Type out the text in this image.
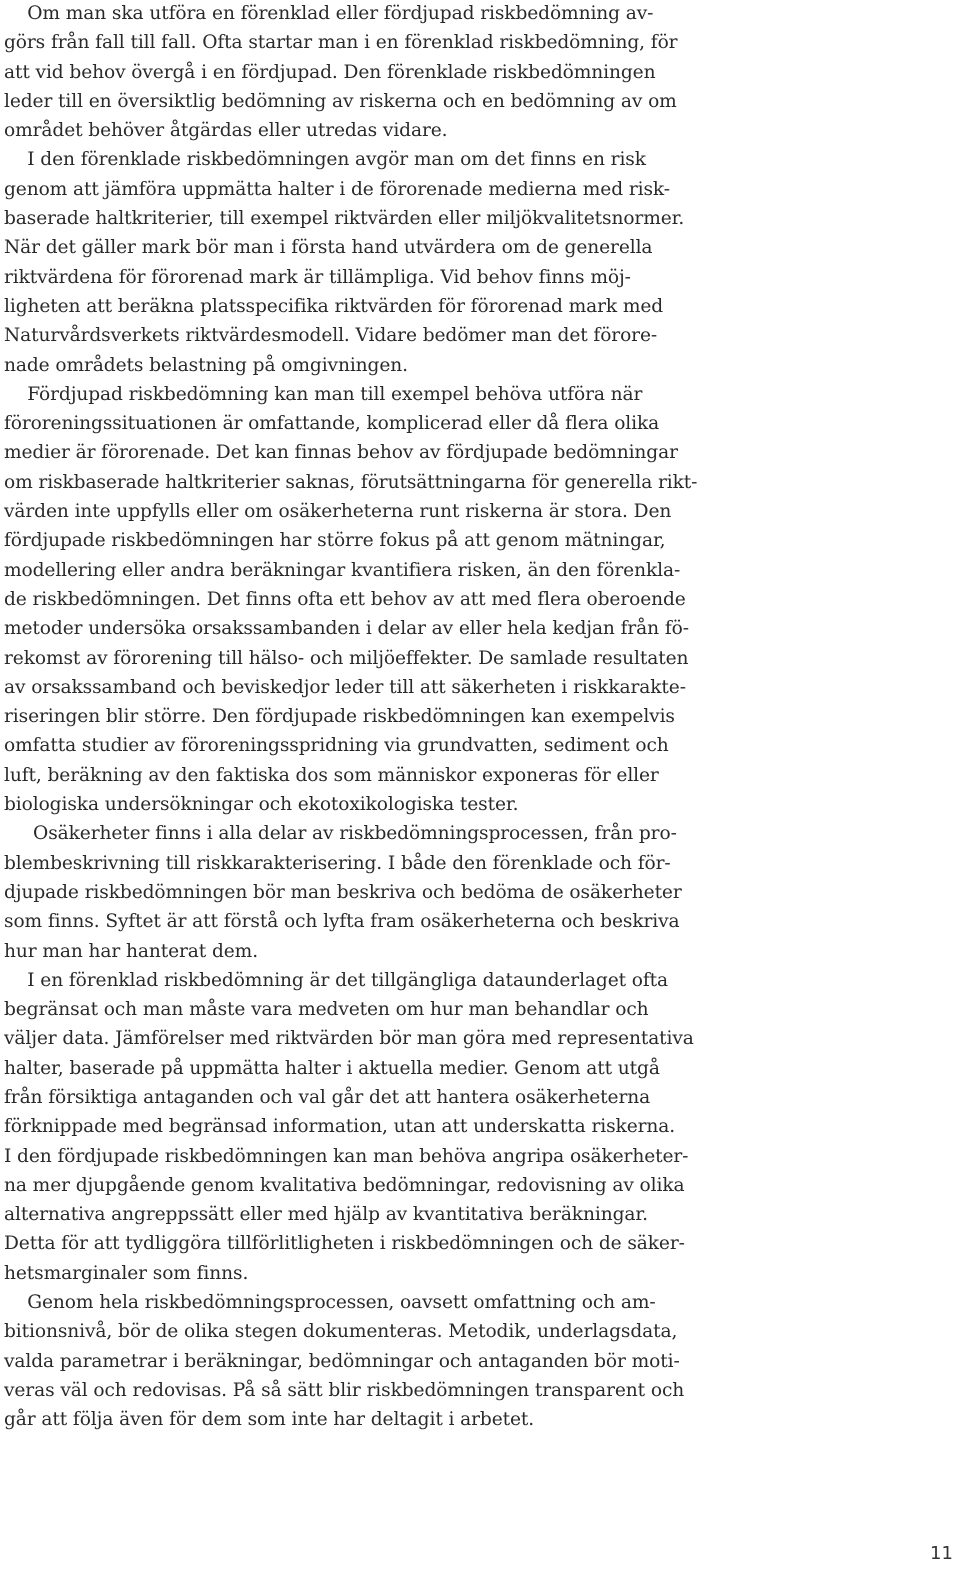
Om man ska utföra en förenklad eller fördjupad riskbedömning av-
görs från fall till fall. Ofta startar man i en förenklad riskbedömning, för
att vid behov övergå i en fördjupad. Den förenklade riskbedömningen
leder till en översiktlig bedömning av riskerna och en bedömning av om
området behöver åtgärdas eller utredas vidare.
I den förenklade riskbedömningen avgör man om det finns en risk
genom att jämföra uppmätta halter i de förorenade medierna med risk-
baserade haltkriterier, till exempel riktvärden eller miljökvalitetsnormer.
När det gäller mark bör man i första hand utvärdera om de generella
riktvärdena för förorenad mark är tillämpliga. Vid behov finns möj-
ligheten att beräkna platsspecifika riktvärden för förorenad mark med
Naturvårdsverkets riktvärdesmodell. Vidare bedömer man det förore-
nade områdets belastning på omgivningen.
Fördjupad riskbedömning kan man till exempel behöva utföra när
föroreningssituationen är omfattande, komplicerad eller då flera olika
medier är förorenade. Det kan finnas behov av fördjupade bedömningar
om riskbaserade haltkriterier saknas, förutsättningarna för generella rikt-
värden inte uppfylls eller om osäkerheterna runt riskerna är stora. Den
fördjupade riskbedömningen har större fokus på att genom mätningar,
modellering eller andra beräkningar kvantifiera risken, än den förenkla-
de riskbedömningen. Det finns ofta ett behov av att med flera oberoende
metoder undersöka orsakssambanden i delar av eller hela kedjan från fö-
rekomst av förorening till hälso- och miljöeffekter. De samlade resultaten
av orsakssamband och beviskedjor leder till att säkerheten i riskkarakte-
riseringen blir större. Den fördjupade riskbedömningen kan exempelvis
omfatta studier av föroreningsspridning via grundvatten, sediment och
luft, beräkning av den faktiska dos som människor exponeras för eller
biologiska undersökningar och ekotoxikologiska tester.
Osäkerheter finns i alla delar av riskbedömningsprocessen, från pro-
blembeskrivning till riskkarakterisering. I både den förenklade och för-
djupade riskbedömningen bör man beskriva och bedöma de osäkerheter
som finns. Syftet är att förstå och lyfta fram osäkerheterna och beskriva
hur man har hanterat dem.
I en förenklad riskbedömning är det tillgängliga dataunderlaget ofta
begränsat och man måste vara medveten om hur man behandlar och
väljer data. Jämförelser med riktvärden bör man göra med representativa
halter, baserade på uppmätta halter i aktuella medier. Genom att utgå
från försiktiga antaganden och val går det att hantera osäkerheterna
förknippade med begränsad information, utan att underskatta riskerna.
I den fördjupade riskbedömningen kan man behöva angripa osäkerheter-
na mer djupgående genom kvalitativa bedömningar, redovisning av olika
alternativa angreppssätt eller med hjälp av kvantitativa beräkningar.
Detta för att tydliggöra tillförlitligheten i riskbedömningen och de säker-
hetsmarginaler som finns.
Genom hela riskbedömningsprocessen, oavsett omfattning och am-
bitionsnivå, bör de olika stegen dokumenteras. Metodik, underlagsdata,
valda parametrar i beräkningar, bedömningar och antaganden bör moti-
veras väl och redovisas. På så sätt blir riskbedömningen transparent och
går att följa även för dem som inte har deltagit i arbetet.
11
